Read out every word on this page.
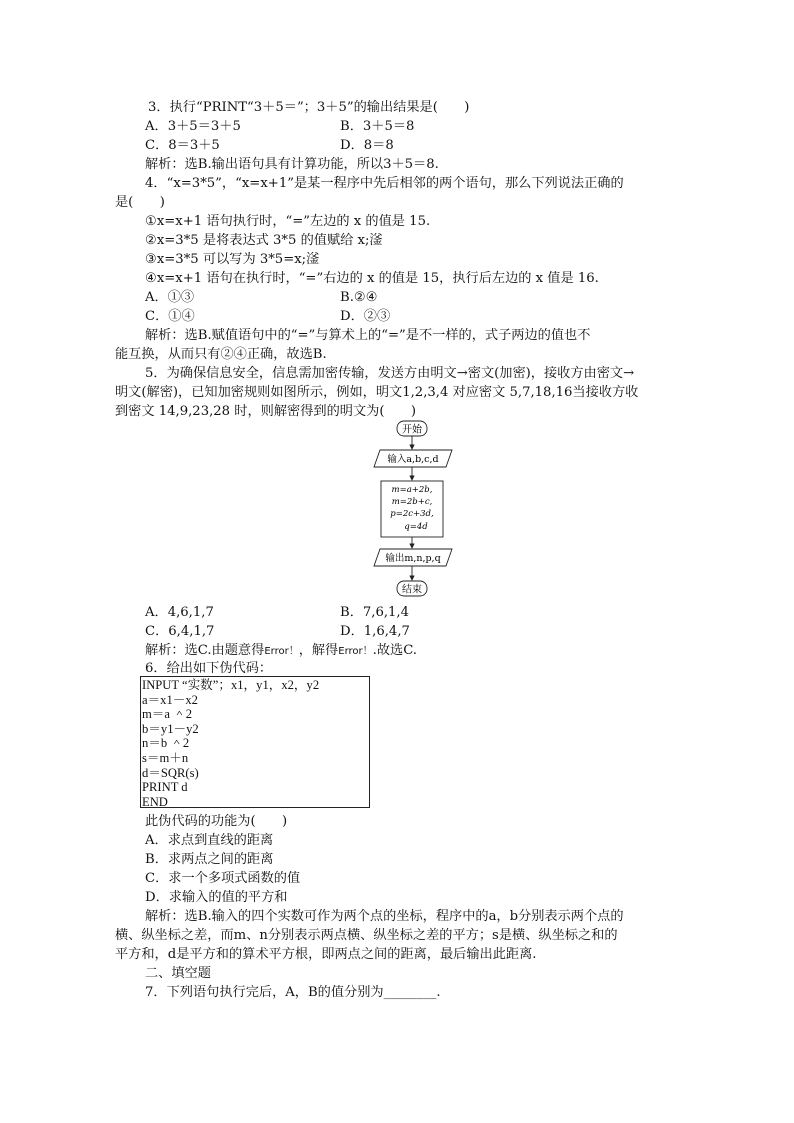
3．执行“PRINT“3＋5＝”；3＋5”的输出结果是(　　)
A．3＋5＝3＋5	B．3＋5＝8
C．8＝3＋5	D．8＝8
解析：选B.输出语句具有计算功能，所以3＋5＝8.
4．“x=3*5”，“x=x+1”是某一程序中先后相邻的两个语句，那么下列说法正确的
是(　　)
①x=x+1 语句执行时，“=”左边的 x 的值是 15.
②x=3*5 是将表达式 3*5 的值赋给 x;滏
③x=3*5 可以写为 3*5=x;滏
④x=x+1 语句在执行时，“=”右边的 x 的值是 15，执行后左边的 x 值是 16.
A．①③	B.②④
C．①④	D．②③
解析：选B.赋值语句中的“=”与算术上的“=”是不一样的，式子两边的值也不
能互换，从而只有②④正确，故选B.
5．为确保信息安全，信息需加密传输，发送方由明文→密文(加密)，接收方由密文→
明文(解密)，已知加密规则如图所示，例如，明文1,2,3,4 对应密文 5,7,18,16当接收方收
到密文 14,9,23,28 时，则解密得到的明文为(　　)
开始
输入a,b,c,d
m=a+2b,
m=2b+c,
p=2c+3d,
q=4d
输出m,n,p,q
结束
A．4,6,1,7	B．7,6,1,4
C．6,4,1,7	D．1,6,4,7
解析：选C.由题意得Error！，解得Error！.故选C.
6．给出如下伪代码：
INPUT “实数”；x1，y1，x2，y2
a＝x1－x2
m＝a ＾2
b＝y1－y2
n＝b ＾2
s＝m＋n
d＝SQR(s)
PRINT d
END
此伪代码的功能为(　　)
A．求点到直线的距离
B．求两点之间的距离
C．求一个多项式函数的值
D．求输入的值的平方和
解析：选B.输入的四个实数可作为两个点的坐标，程序中的a，b分别表示两个点的
横、纵坐标之差，而m、n分别表示两点横、纵坐标之差的平方；s是横、纵坐标之和的
平方和，d是平方和的算术平方根，即两点之间的距离，最后输出此距离.
二、填空题
7．下列语句执行完后，A，B的值分别为________.
